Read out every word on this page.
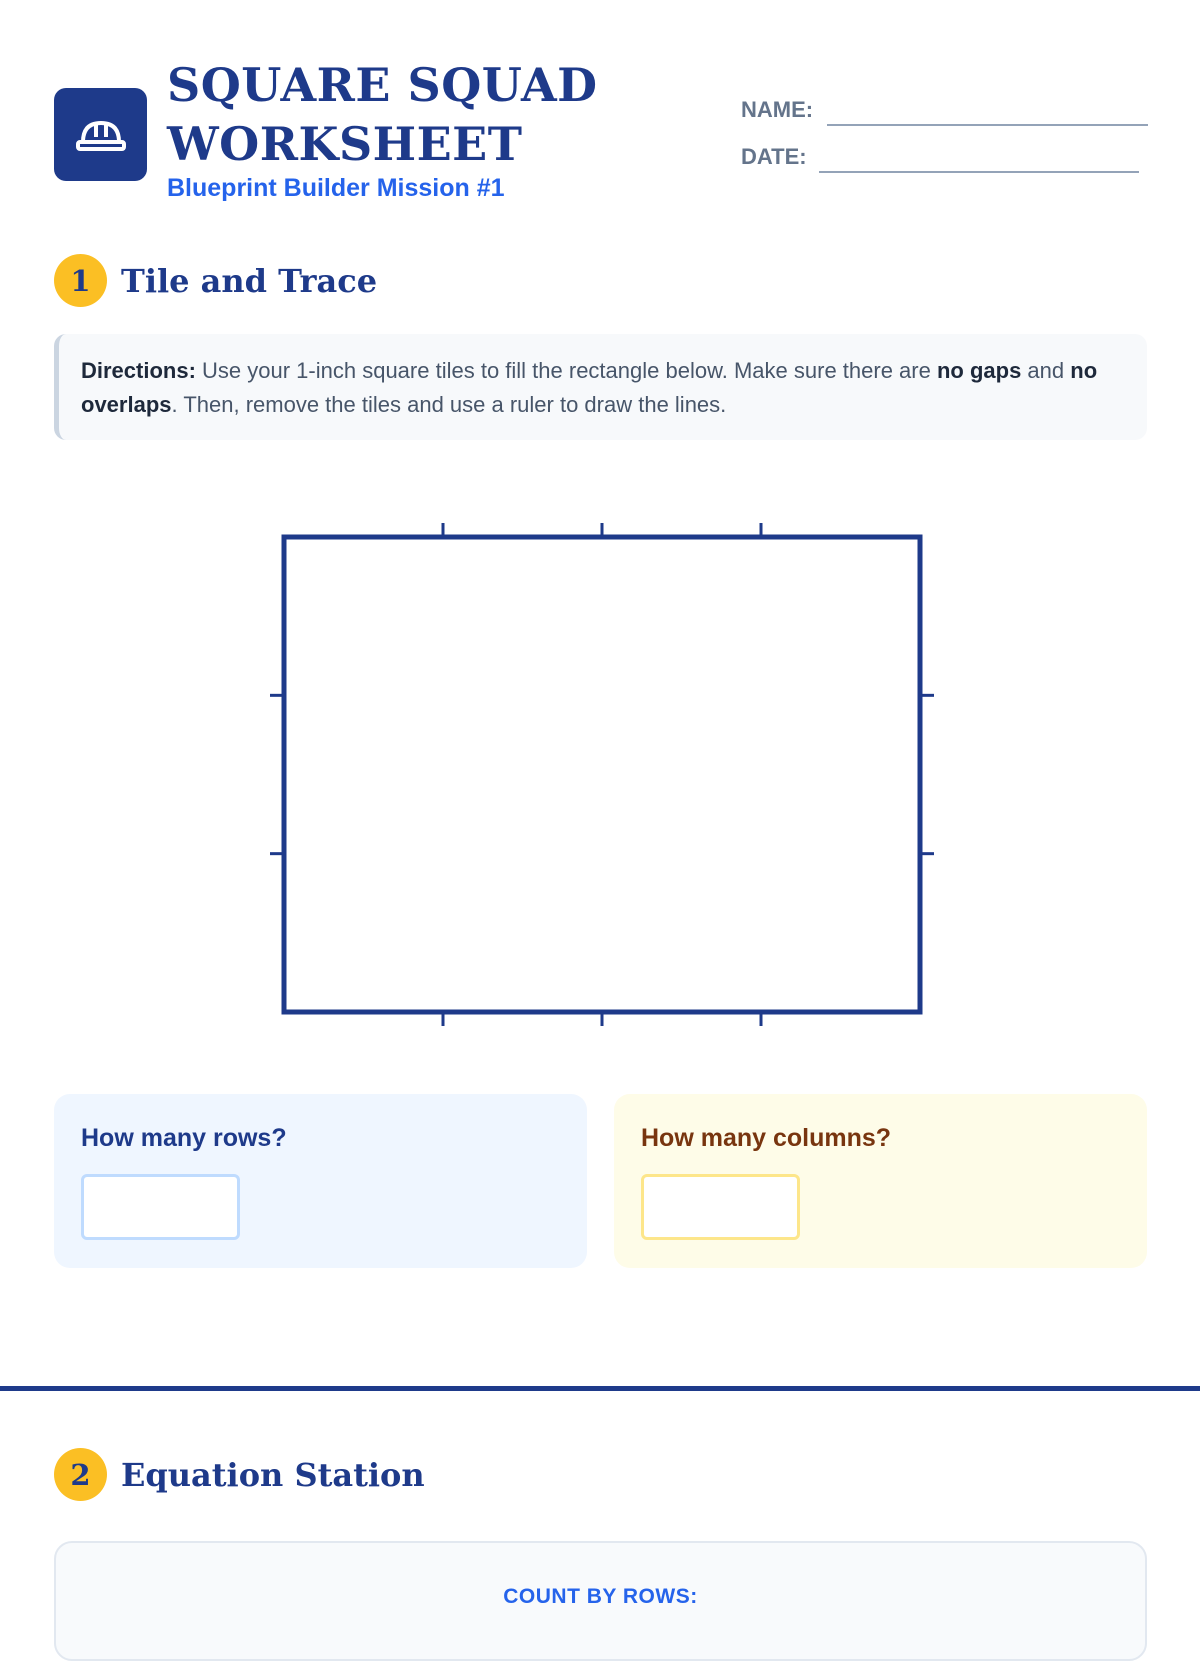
SQUARE SQUAD
WORKSHEET
Blueprint Builder Mission #1
NAME:
DATE:
1 Tile and Trace
Directions: Use your 1-inch square tiles to fill the rectangle below. Make sure there are no gaps and no overlaps. Then, remove the tiles and use a ruler to draw the lines.
How many rows?	How many columns?
2 Equation Station
COUNT BY ROWS:
